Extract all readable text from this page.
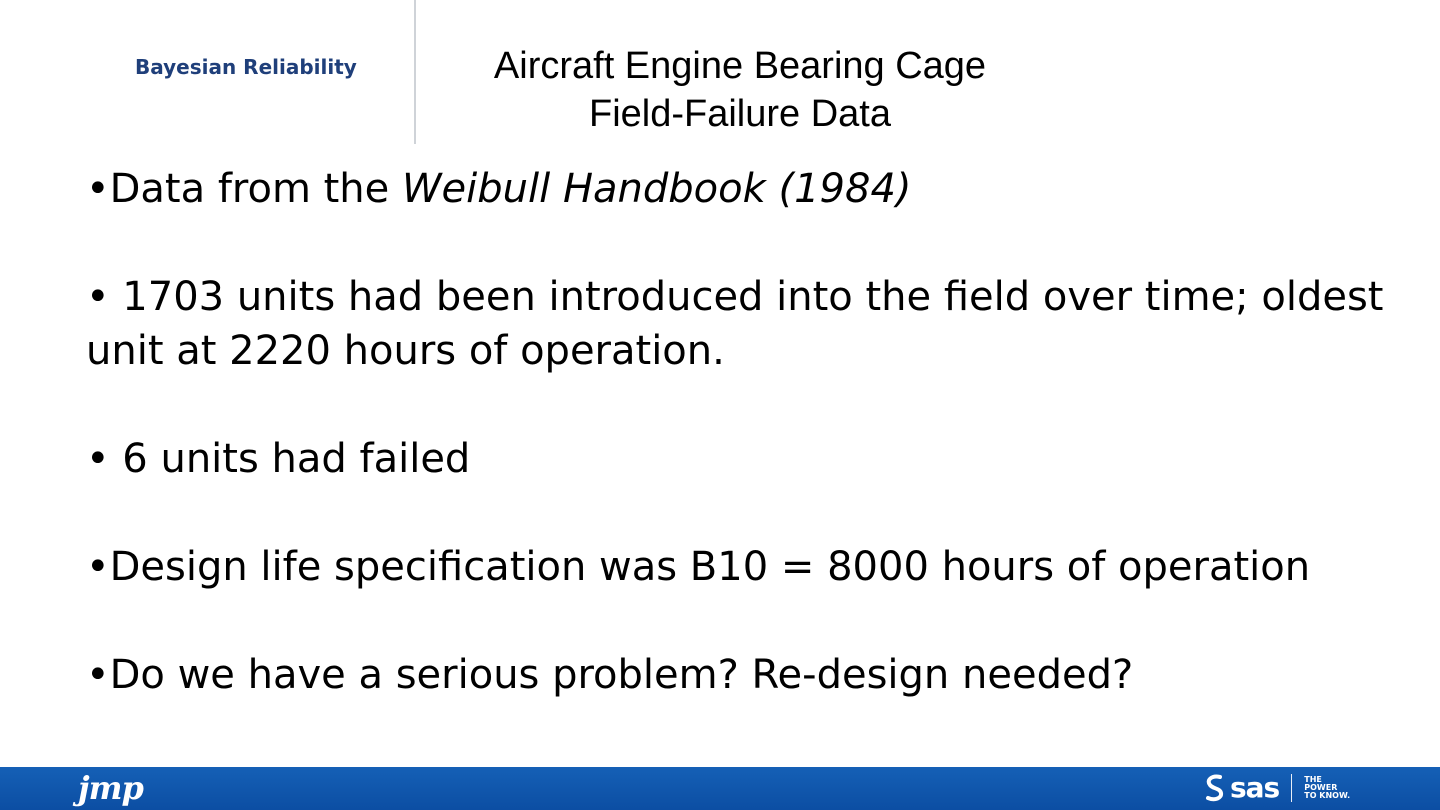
Bayesian Reliability	Aircraft Engine Bearing Cage
Field-Failure Data
•Data from the Weibull Handbook (1984)
• 1703 units had been introduced into the field over time; oldest unit at 2220 hours of operation.
• 6 units had failed
•Design life specification was B10 = 8000 hours of operation
•Do we have a serious problem? Re-design needed?
jmp	sas	THE
POWER
TO KNOW.
